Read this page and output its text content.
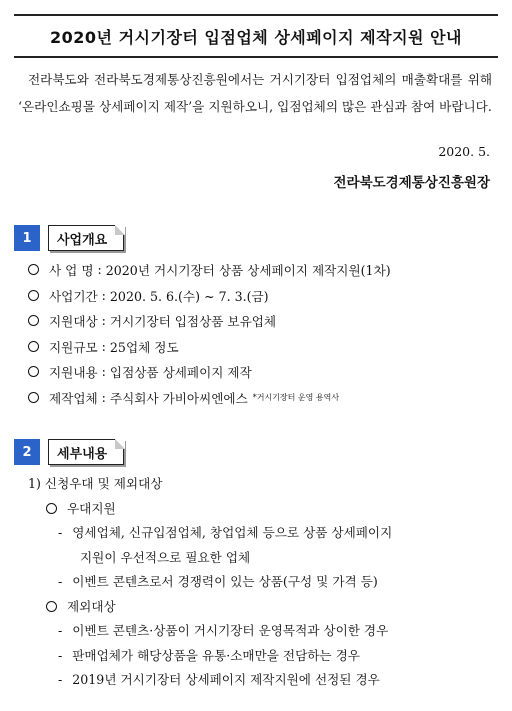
2020년 거시기장터 입점업체 상세페이지 제작지원 안내
전라북도와 전라북도경제통상진흥원에서는 거시기장터 입점업체의 매출확대를 위해 ‘온라인쇼핑몰 상세페이지 제작’을 지원하오니, 입점업체의 많은 관심과 참여 바랍니다.
2020. 5.
전라북도경제통상진흥원장
1	사업개요
사 업 명 : 2020년 거시기장터 상품 상세페이지 제작지원(1차)
사업기간 : 2020. 5. 6.(수) ~ 7. 3.(금)
지원대상 : 거시기장터 입점상품 보유업체
지원규모 : 25업체 정도
지원내용 : 입점상품 상세페이지 제작
제작업체 : 주식회사 가비아씨엔에스 *거시기장터 운영 용역사
2	세부내용
1) 신청우대 및 제외대상
우대지원
- 영세업체, 신규입점업체, 창업업체 등으로 상품 상세페이지
지원이 우선적으로 필요한 업체
- 이벤트 콘텐츠로서 경쟁력이 있는 상품(구성 및 가격 등)
제외대상
- 이벤트 콘텐츠·상품이 거시기장터 운영목적과 상이한 경우
- 판매업체가 해당상품을 유통·소매만을 전담하는 경우
- 2019년 거시기장터 상세페이지 제작지원에 선정된 경우
